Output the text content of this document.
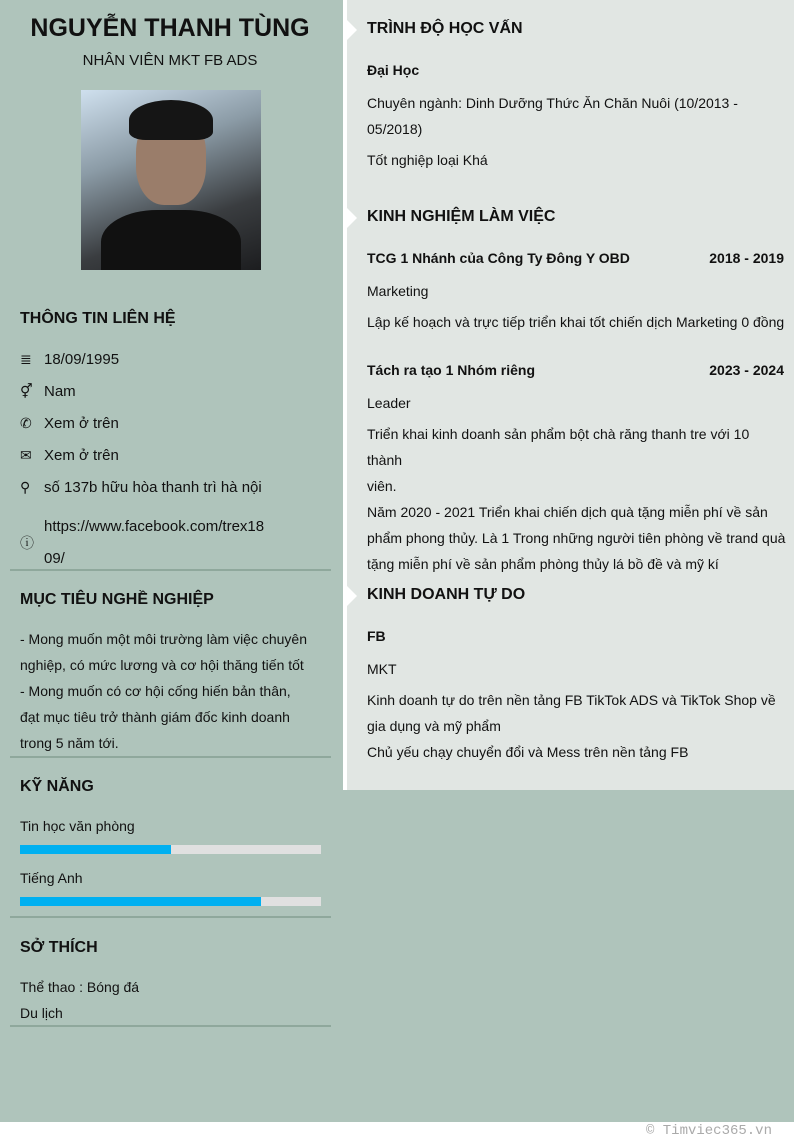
NGUYỄN THANH TÙNG
NHÂN VIÊN MKT FB ADS
THÔNG TIN LIÊN HỆ
≣ 18/09/1995
⚥ Nam
✆ Xem ở trên
✉ Xem ở trên
⚲ số 137b hữu hòa thanh trì hà nội
ⓘ
https://www.facebook.com/trex18
09/
MỤC TIÊU NGHỀ NGHIỆP
- Mong muốn một môi trường làm việc chuyên
nghiệp, có mức lương và cơ hội thăng tiến tốt
- Mong muốn có cơ hội cống hiến bản thân,
đạt mục tiêu trở thành giám đốc kinh doanh
trong 5 năm tới.
KỸ NĂNG
Tin học văn phòng
Tiếng Anh
SỞ THÍCH
Thể thao : Bóng đá
Du lịch
TRÌNH ĐỘ HỌC VẤN
Đại Học
Chuyên ngành: Dinh Dưỡng Thức Ăn Chăn Nuôi (10/2013 -
05/2018)
Tốt nghiệp loại Khá
KINH NGHIỆM LÀM VIỆC
TCG 1 Nhánh của Công Ty Đông Y OBD	2018 - 2019
Marketing
Lập kế hoạch và trực tiếp triển khai tốt chiến dịch Marketing 0 đồng
Tách ra tạo 1 Nhóm riêng	2023 - 2024
Leader
Triển khai kinh doanh sản phẩm bột chà răng thanh tre với 10 thành
viên.
Năm 2020 - 2021 Triển khai chiến dịch quà tặng miễn phí về sản
phẩm phong thủy. Là 1 Trong những người tiên phòng về trand quà
tặng miễn phí về sản phẩm phòng thủy lá bồ đề và mỹ kí
KINH DOANH TỰ DO
FB
MKT
Kinh doanh tự do trên nền tảng FB TikTok ADS và TikTok Shop về
gia dụng và mỹ phẩm
Chủ yếu chạy chuyển đổi và Mess trên nền tảng FB
© Timviec365.vn
